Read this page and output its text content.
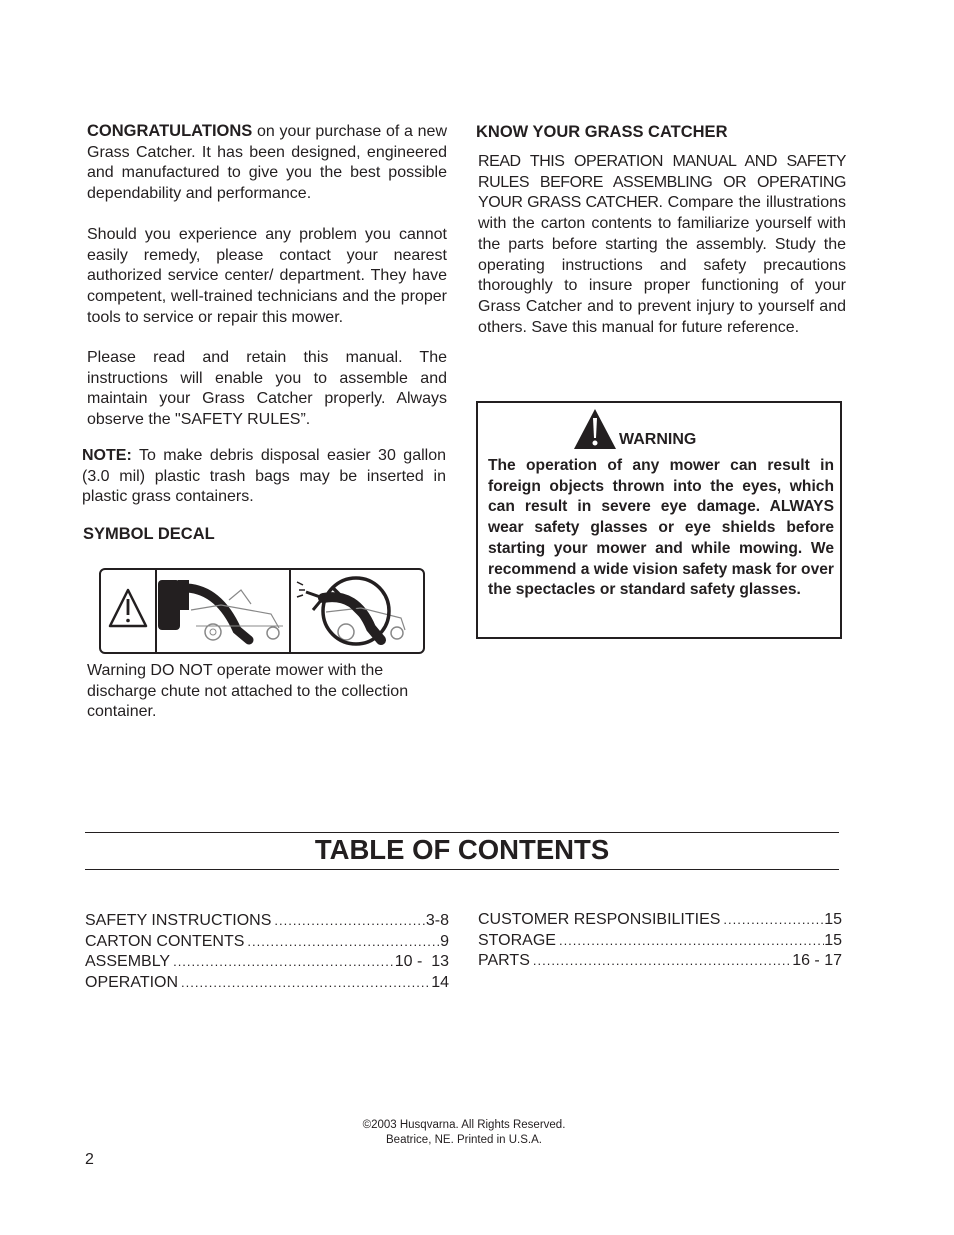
CONGRATULATIONS on your purchase of a new Grass Catcher. It has been designed, engineered and manufactured to give you the best possible dependability and performance.

Should you experience any problem you cannot easily remedy, please contact your nearest authorized service center/ department. They have competent, well-trained technicians and the proper tools to service or repair this mower.

Please read and retain this manual. The instructions will enable you to assemble and maintain your Grass Catcher properly. Always observe the "SAFETY RULES”.

NOTE: To make debris disposal easier 30 gallon (3.0 mil) plastic trash bags may be inserted in plastic grass containers.

SYMBOL DECAL

Warning DO NOT operate mower with the discharge chute not attached to the collection container.

KNOW YOUR GRASS CATCHER

READ THIS OPERATION MANUAL AND SAFETY RULES BEFORE ASSEMBLING OR OPERATING YOUR GRASS CATCHER. Compare the illustrations with the carton contents to familiarize yourself with the parts before starting the assembly. Study the operating instructions and safety precautions thoroughly to insure proper functioning of your Grass Catcher and to prevent injury to yourself and others. Save this manual for future reference.

WARNING
The operation of any mower can result in foreign objects thrown into the eyes, which can result in severe eye damage. ALWAYS wear safety glasses or eye shields before starting your mower and while mowing. We recommend a wide vision safety mask for over the spectacles or standard safety glasses.
TABLE OF CONTENTS
SAFETY INSTRUCTIONS .....	3-8
CARTON CONTENTS .....	9
ASSEMBLY .....	10 -  13
OPERATION .....	14
CUSTOMER RESPONSIBILITIES .....	15
STORAGE .....	15
PARTS .....	16 - 17
©2003 Husqvarna. All Rights Reserved.
Beatrice, NE. Printed in U.S.A.
2
